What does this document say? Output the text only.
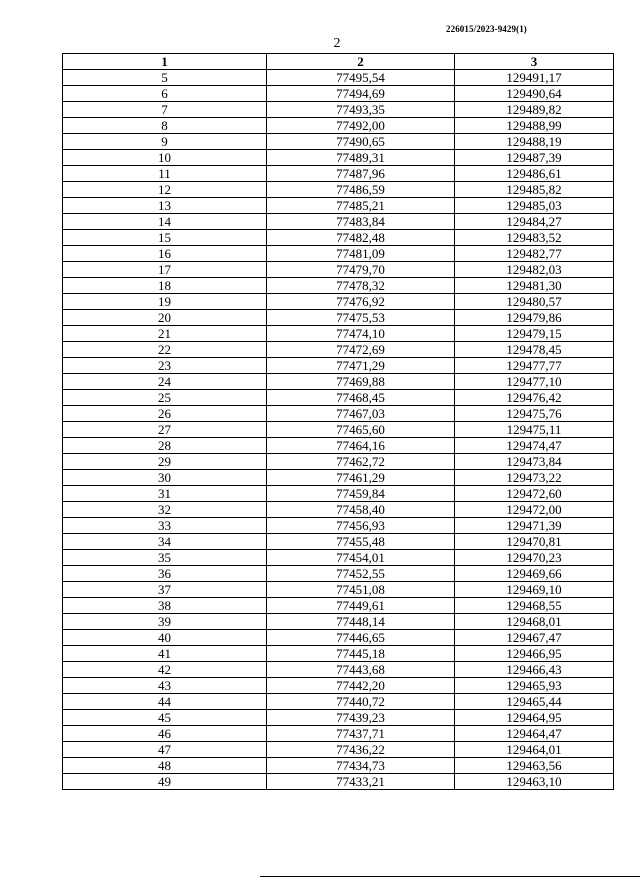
226015/2023-9429(1)
2
1	2	3
5	77495,54	129491,17
6	77494,69	129490,64
7	77493,35	129489,82
8	77492,00	129488,99
9	77490,65	129488,19
10	77489,31	129487,39
11	77487,96	129486,61
12	77486,59	129485,82
13	77485,21	129485,03
14	77483,84	129484,27
15	77482,48	129483,52
16	77481,09	129482,77
17	77479,70	129482,03
18	77478,32	129481,30
19	77476,92	129480,57
20	77475,53	129479,86
21	77474,10	129479,15
22	77472,69	129478,45
23	77471,29	129477,77
24	77469,88	129477,10
25	77468,45	129476,42
26	77467,03	129475,76
27	77465,60	129475,11
28	77464,16	129474,47
29	77462,72	129473,84
30	77461,29	129473,22
31	77459,84	129472,60
32	77458,40	129472,00
33	77456,93	129471,39
34	77455,48	129470,81
35	77454,01	129470,23
36	77452,55	129469,66
37	77451,08	129469,10
38	77449,61	129468,55
39	77448,14	129468,01
40	77446,65	129467,47
41	77445,18	129466,95
42	77443,68	129466,43
43	77442,20	129465,93
44	77440,72	129465,44
45	77439,23	129464,95
46	77437,71	129464,47
47	77436,22	129464,01
48	77434,73	129463,56
49	77433,21	129463,10
